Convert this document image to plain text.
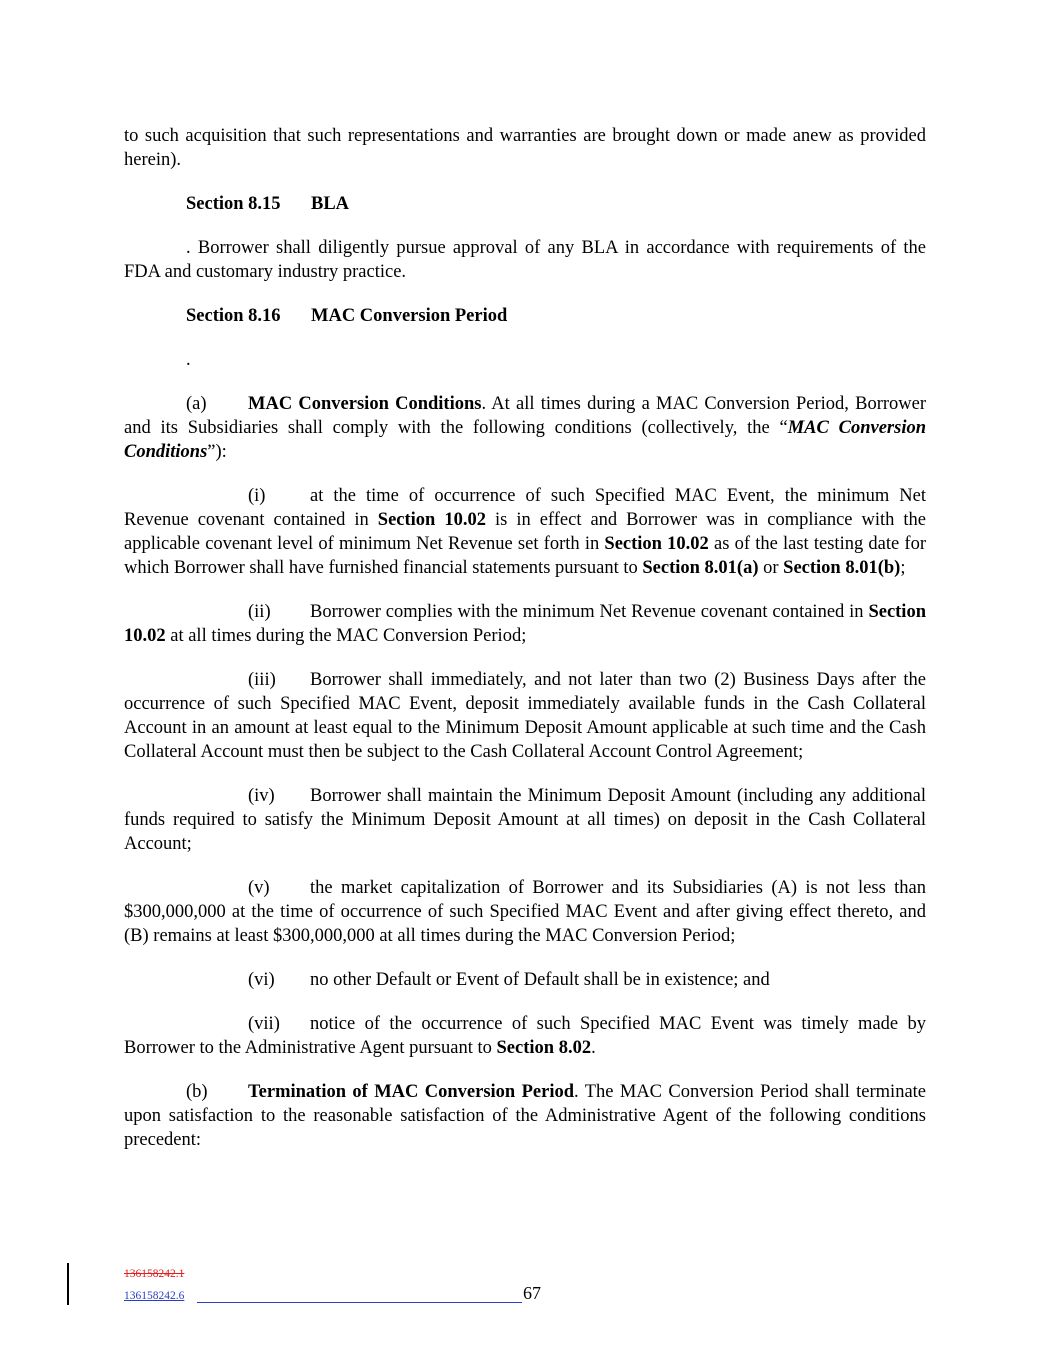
to such acquisition that such representations and warranties are brought down or made anew as provided herein).

Section 8.15 BLA

. Borrower shall diligently pursue approval of any BLA in accordance with requirements of the FDA and customary industry practice.

Section 8.16 MAC Conversion Period
.

(a) MAC Conversion Conditions. At all times during a MAC Conversion Period, Borrower and its Subsidiaries shall comply with the following conditions (collectively, the “MAC Conversion Conditions”):

(i) at the time of occurrence of such Specified MAC Event, the minimum Net Revenue covenant contained in Section 10.02 is in effect and Borrower was in compliance with the applicable covenant level of minimum Net Revenue set forth in Section 10.02 as of the last testing date for which Borrower shall have furnished financial statements pursuant to Section 8.01(a) or Section 8.01(b);

(ii) Borrower complies with the minimum Net Revenue covenant contained in Section 10.02 at all times during the MAC Conversion Period;

(iii) Borrower shall immediately, and not later than two (2) Business Days after the occurrence of such Specified MAC Event, deposit immediately available funds in the Cash Collateral Account in an amount at least equal to the Minimum Deposit Amount applicable at such time and the Cash Collateral Account must then be subject to the Cash Collateral Account Control Agreement;

(iv) Borrower shall maintain the Minimum Deposit Amount (including any additional funds required to satisfy the Minimum Deposit Amount at all times) on deposit in the Cash Collateral Account;

(v) the market capitalization of Borrower and its Subsidiaries (A) is not less than $300,000,000 at the time of occurrence of such Specified MAC Event and after giving effect thereto, and (B) remains at least $300,000,000 at all times during the MAC Conversion Period;

(vi) no other Default or Event of Default shall be in existence; and

(vii) notice of the occurrence of such Specified MAC Event was timely made by Borrower to the Administrative Agent pursuant to Section 8.02.

(b) Termination of MAC Conversion Period. The MAC Conversion Period shall terminate upon satisfaction to the reasonable satisfaction of the Administrative Agent of the following conditions precedent:

136158242.1
136158242.6	67
